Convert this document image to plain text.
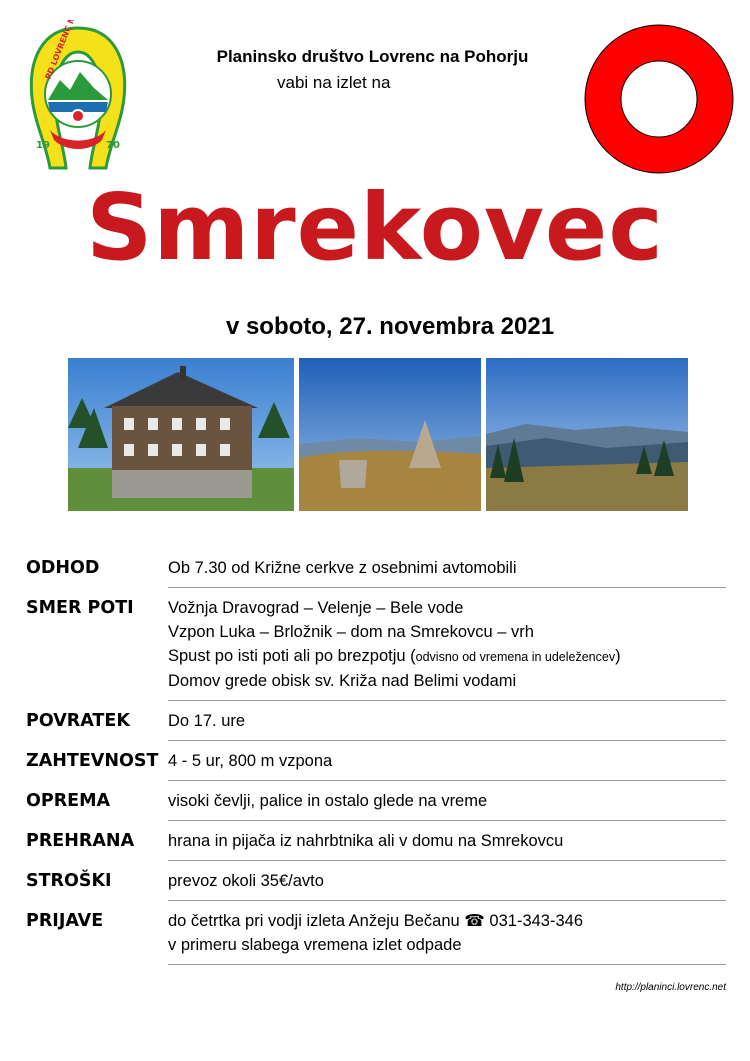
19	70
Planinsko društvo Lovrenc na Pohorju
vabi na izlet na
Smrekovec
v soboto, 27. novembra 2021
ODHOD	Ob 7.30 od Križne cerkve z osebnimi avtomobili
SMER POTI	Vožnja Dravograd – Velenje – Bele vode
Vzpon Luka – Brložnik – dom na Smrekovcu – vrh
Spust po isti poti ali po brezpotju (odvisno od vremena in udeležencev)
Domov grede obisk sv. Križa nad Belimi vodami
POVRATEK	Do 17. ure
ZAHTEVNOST 4 - 5 ur, 800 m vzpona
OPREMA	visoki čevlji, palice in ostalo glede na vreme
PREHRANA	hrana in pijača iz nahrbtnika ali v domu na Smrekovcu
STROŠKI	prevoz okoli 35€/avto
PRIJAVE	do četrtka pri vodji izleta Anžeju Bečanu ☎ 031-343-346
v primeru slabega vremena izlet odpade
http://planinci.lovrenc.net
